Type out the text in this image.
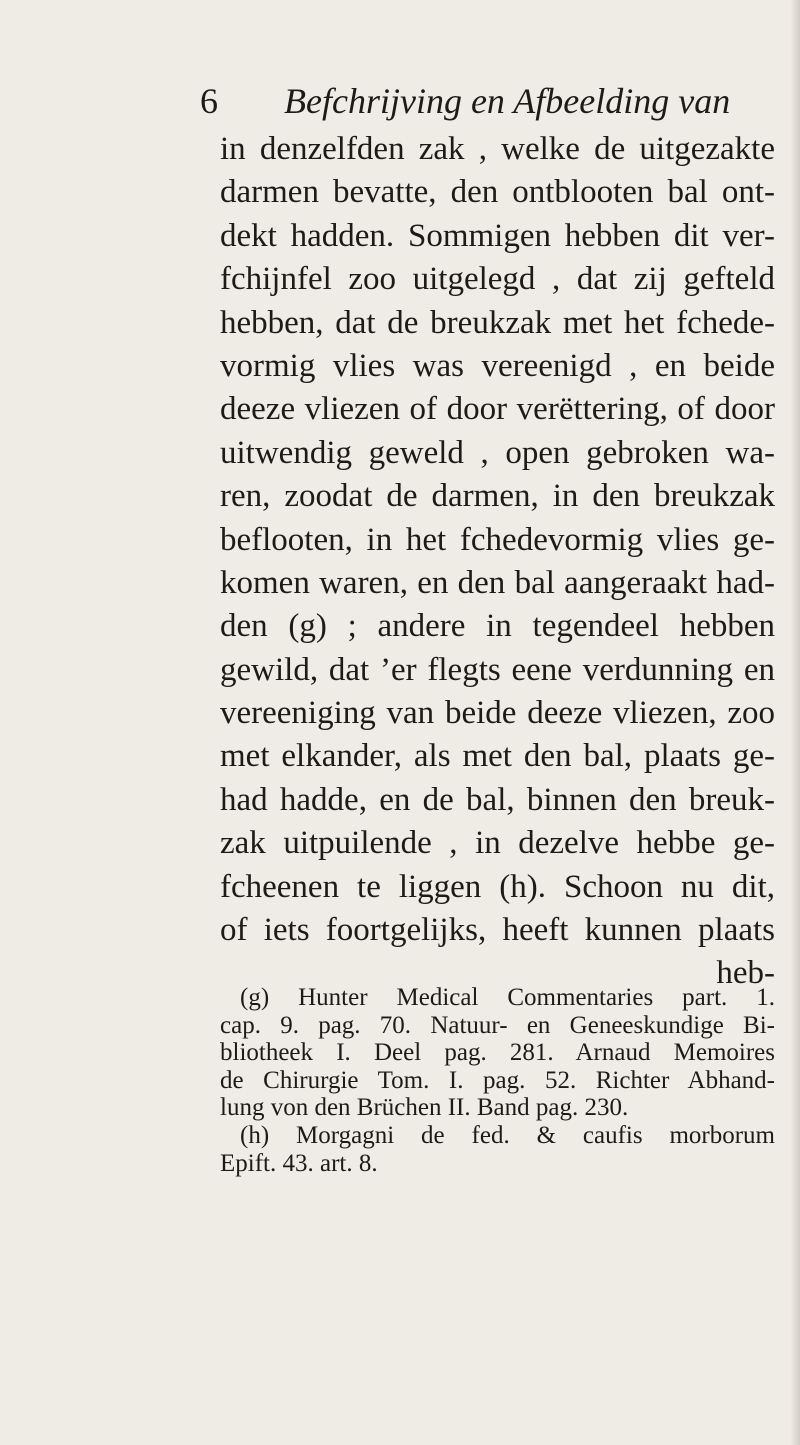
6 Befchrijving en Afbeelding van
in denzelfden zak , welke de uitgezakte
darmen bevatte, den ontblooten bal ont-
dekt hadden. Sommigen hebben dit ver-
fchijnfel zoo uitgelegd , dat zij gefteld
hebben, dat de breukzak met het fchede-
vormig vlies was vereenigd , en beide
deeze vliezen of door verëttering, of door
uitwendig geweld , open gebroken wa-
ren, zoodat de darmen, in den breukzak
beflooten, in het fchedevormig vlies ge-
komen waren, en den bal aangeraakt had-
den (g) ; andere in tegendeel hebben
gewild, dat ’er flegts eene verdunning en
vereeniging van beide deeze vliezen, zoo
met elkander, als met den bal, plaats ge-
had hadde, en de bal, binnen den breuk-
zak uitpuilende , in dezelve hebbe ge-
fcheenen te liggen (h). Schoon nu dit,
of iets foortgelijks, heeft kunnen plaats
heb-
(g) Hunter Medical Commentaries part. 1.
cap. 9. pag. 70. Natuur- en Geneeskundige Bi-
bliotheek I. Deel pag. 281. Arnaud Memoires
de Chirurgie Tom. I. pag. 52. Richter Abhand-
lung von den Brüchen II. Band pag. 230.
(h) Morgagni de fed. & caufis morborum
Epift. 43. art. 8.
